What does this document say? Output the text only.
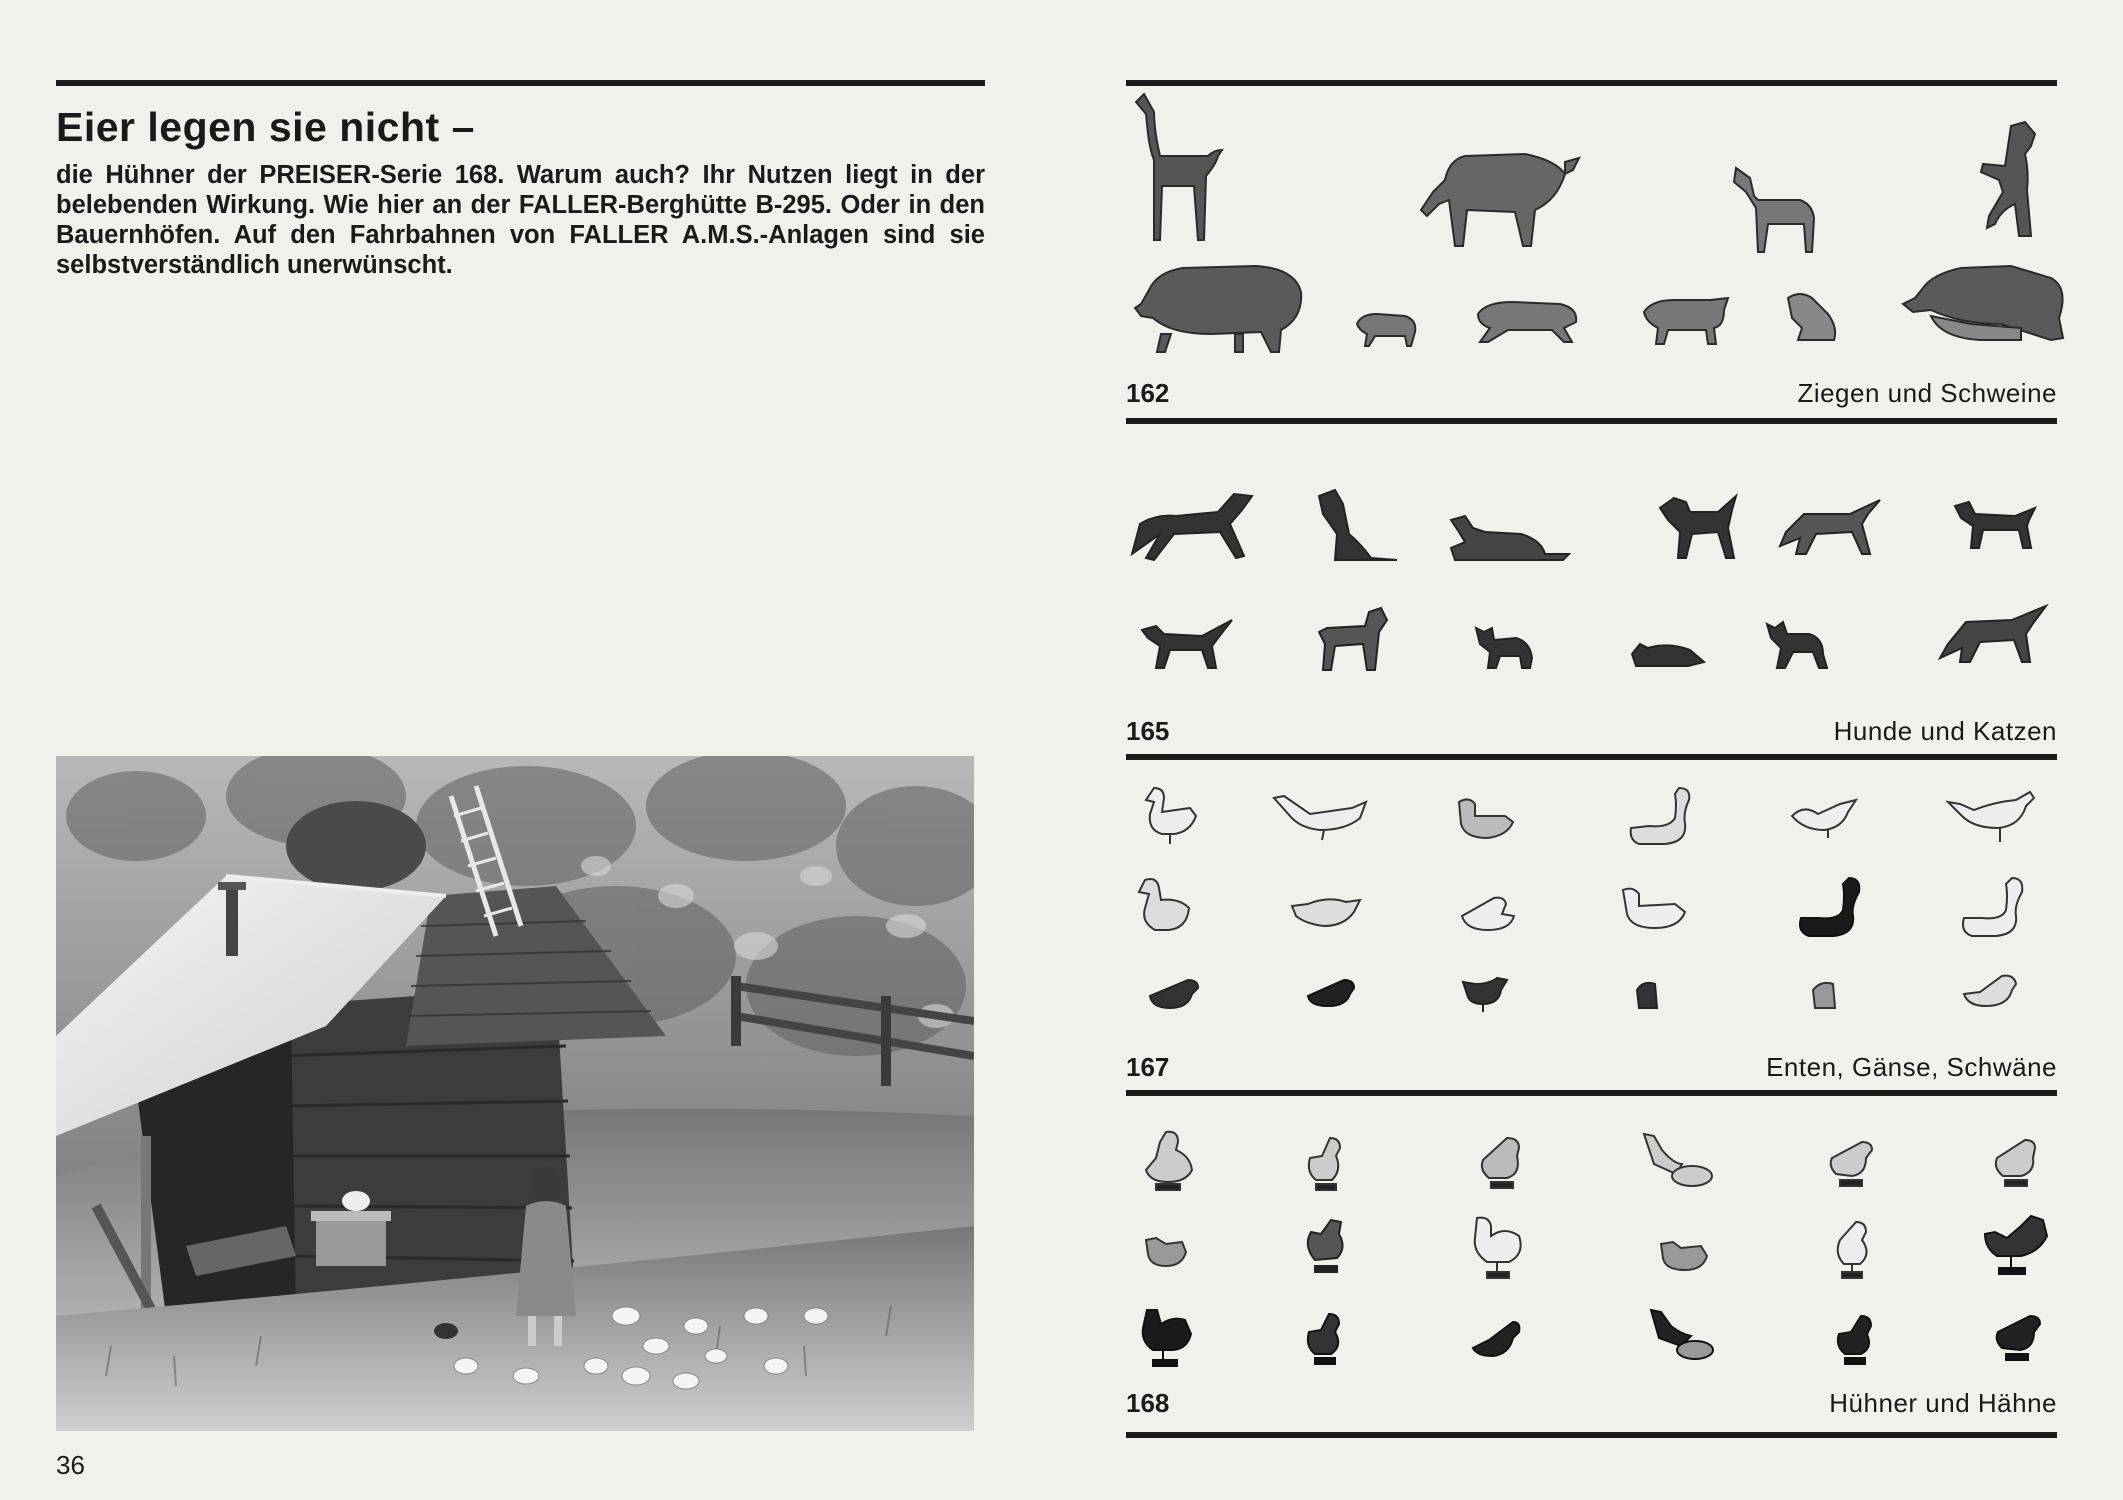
Eier legen sie nicht –

die Hühner der PREISER-Serie 168. Warum auch? Ihr Nutzen liegt in der belebenden Wirkung. Wie hier an der FALLER-Berghütte B-295. Oder in den Bauernhöfen. Auf den Fahrbahnen von FALLER A.M.S.-Anlagen sind sie selbstverständlich unerwünscht.

36
162	Ziegen und Schweine
165	Hunde und Katzen
167	Enten, Gänse, Schwäne
168	Hühner und Hähne
